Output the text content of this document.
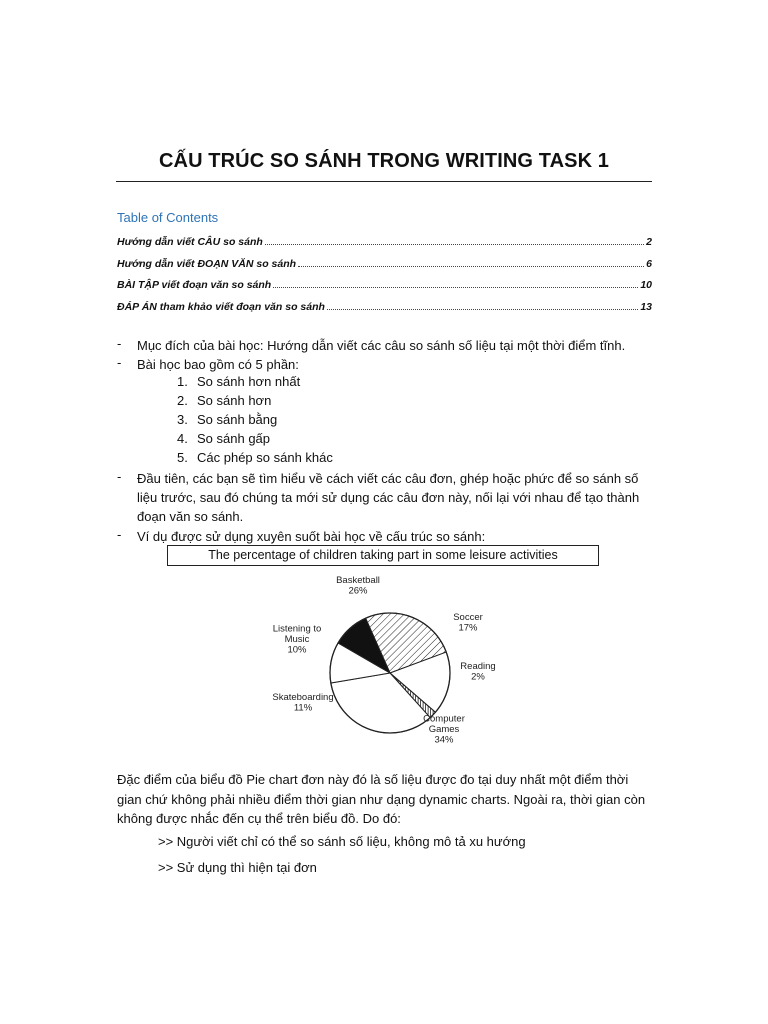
CẤU TRÚC SO SÁNH TRONG WRITING TASK 1
Table of Contents
Hướng dẫn viết CÂU so sánh	2
Hướng dẫn viết ĐOẠN VĂN so sánh	6
BÀI TẬP viết đoạn văn so sánh	10
ĐÁP ÁN tham khảo viết đoạn văn so sánh	13
- Mục đích của bài học: Hướng dẫn viết các câu so sánh số liệu tại một thời điểm tĩnh.
- Bài học bao gồm có 5 phần:
1. So sánh hơn nhất
2. So sánh hơn
3. So sánh bằng
4. So sánh gấp
5. Các phép so sánh khác
- Đầu tiên, các bạn sẽ tìm hiểu về cách viết các câu đơn, ghép hoặc phức để so sánh số
liệu trước, sau đó chúng ta mới sử dụng các câu đơn này, nối lại với nhau để tạo thành
đoạn văn so sánh.
- Ví dụ được sử dụng xuyên suốt bài học về cấu trúc so sánh:
The percentage of children taking part in some leisure activities
Basketball 26%
Soccer 17%
Reading 2%
Computer Games 34%
Skateboarding 11%
Listening to Music 10%
Đặc điểm của biểu đồ Pie chart đơn này đó là số liệu được đo tại duy nhất một điểm thời
gian chứ không phải nhiều điểm thời gian như dạng dynamic charts. Ngoài ra, thời gian còn
không được nhắc đến cụ thể trên biểu đồ. Do đó:
>> Người viết chỉ có thể so sánh số liệu, không mô tả xu hướng
>> Sử dụng thì hiện tại đơn
